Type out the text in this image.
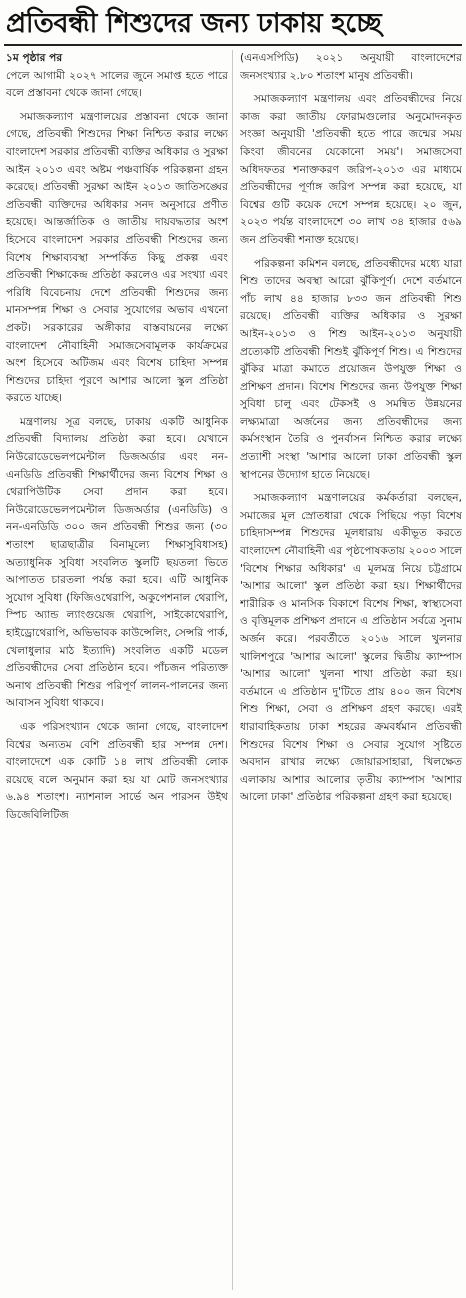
প্রতিবন্ধী শিশুদের জন্য ঢাকায় হচ্ছে

১ম পৃষ্ঠার পর

পেলে আগামী ২০২৭ সালের জুনে সমাপ্ত হতে পারে বলে প্রস্তাবনা থেকে জানা গেছে।

সমাজকল্যাণ মন্ত্রণালয়ের প্রস্তাবনা থেকে জানা গেছে, প্রতিবন্ধী শিশুদের শিক্ষা নিশ্চিত করার লক্ষ্যে বাংলাদেশ সরকার প্রতিবন্ধী ব্যক্তির অধিকার ও সুরক্ষা আইন ২০১৩ এবং অষ্টম পঞ্চবার্ষিক পরিকল্পনা গ্রহন করেছে। প্রতিবন্ধী সুরক্ষা আইন ২০১৩ জাতিসঙ্ঘের প্রতিবন্ধী ব্যক্তিদের অধিকার সনদ অনুসারে প্রণীত হয়েছে। আন্তর্জাতিক ও জাতীয় দায়বদ্ধতার অংশ হিসেবে বাংলাদেশ সরকার প্রতিবন্ধী শিশুদের জন্য বিশেষ শিক্ষাব্যবস্থা সম্পর্কিত কিছু প্রকল্প এবং প্রতিবন্ধী শিক্ষাকেন্দ্র প্রতিষ্ঠা করলেও এর সংখ্যা এবং পরিধি বিবেচনায় দেশে প্রতিবন্ধী শিশুদের জন্য মানসম্পন্ন শিক্ষা ও সেবার সুযোগের অভাব এখনো প্রকট। সরকারের অঙ্গীকার বাস্তবায়নের লক্ষ্যে বাংলাদেশ নৌবাহিনী সমাজসেবামূলক কার্যক্রমের অংশ হিসেবে অটিজম এবং বিশেষ চাহিদা সম্পন্ন শিশুদের চাহিদা পূরণে আশার আলো স্কুল প্রতিষ্ঠা করতে যাচ্ছে।

মন্ত্রণালয় সূত্র বলছে, ঢাকায় একটি আধুনিক প্রতিবন্ধী বিদ্যালয় প্রতিষ্ঠা করা হবে। যেখানে নিউরোডেভেলপমেন্টাল ডিজঅর্ডার এবং নন-এনডিডি প্রতিবন্ধী শিক্ষার্থীদের জন্য বিশেষ শিক্ষা ও থেরাপিউটিক সেবা প্রদান করা হবে। নিউরোডেভেলপমেন্টাল ডিজঅর্ডার (এনডিডি) ও নন-এনডিডি ৩০০ জন প্রতিবন্ধী শিশুর জন্য (৩০ শতাংশ ছাত্রছাত্রীর বিনামূল্যে শিক্ষাসুবিধাসহ) অত্যাধুনিক সুবিধা সংবলিত স্কুলটি ছয়তলা ভিতে আপাতত চারতলা পর্যন্ত করা হবে। এটি আধুনিক সুযোগ সুবিধা (ফিজিওথেরাপি, অকুপেশনাল থেরাপি, স্পিচ অ্যান্ড ল্যাংগুয়েজ থেরাপি, সাইকোথেরাপি, হাইড্রোথেরাপি, অভিভাবক কাউন্সেলিং, সেন্সরি পার্ক, খেলাধুলার মাঠ ইত্যাদি) সংবলিত একটি মডেল প্রতিবন্ধীদের সেবা প্রতিষ্ঠান হবে। পাঁচজন পরিত্যক্ত অনাথ প্রতিবন্ধী শিশুর পরিপূর্ণ লালন-পালনের জন্য আবাসন সুবিধা থাকবে।

এক পরিসংখ্যান থেকে জানা গেছে, বাংলাদেশ বিশ্বের অন্যতম বেশি প্রতিবন্ধী হার সম্পন্ন দেশ। বাংলাদেশে এক কোটি ১৪ লাখ প্রতিবন্ধী লোক রয়েছে বলে অনুমান করা হয় যা মোট জনসংখ্যার ৬.৯৪ শতাংশ। ন্যাশনাল সার্ভে অন পারসন উইথ ডিজেবিলিটিজ

(এনএসপিডি) ২০২১ অনুযায়ী বাংলাদেশের জনসংখ্যার ২.৮০ শতাংশ মানুষ প্রতিবন্ধী।

সমাজকল্যাণ মন্ত্রণালয় এবং প্রতিবন্ধীদের নিয়ে কাজ করা জাতীয় ফোরামগুলোর অনুমোদনকৃত সংজ্ঞা অনুযায়ী 'প্রতিবন্ধী হতে পারে জন্মের সময় কিংবা জীবনের যেকোনো সময়'। সমাজসেবা অধিদফতর শনাক্তকরণ জরিপ-২০১৩ এর মাধ্যমে প্রতিবন্ধীদের পূর্ণাঙ্গ জরিপ সম্পন্ন করা হয়েছে, যা বিশ্বের গুটি কয়েক দেশে সম্পন্ন হয়েছে। ২০ জুন, ২০২৩ পর্যন্ত বাংলাদেশে ৩০ লাখ ৩৪ হাজার ৫৬৯ জন প্রতিবন্ধী শনাক্ত হয়েছে।

পরিকল্পনা কমিশন বলছে, প্রতিবন্ধীদের মধ্যে যারা শিশু তাদের অবস্থা আরো ঝুঁকিপূর্ণ। দেশে বর্তমানে পাঁচ লাখ ৪৪ হাজার ৮৩৩ জন প্রতিবন্ধী শিশু রয়েছে। প্রতিবন্ধী ব্যক্তির অধিকার ও সুরক্ষা আইন-২০১৩ ও শিশু আইন-২০১৩ অনুযায়ী প্রত্যেকটি প্রতিবন্ধী শিশুই ঝুঁকিপূর্ণ শিশু। এ শিশুদের ঝুঁকির মাত্রা কমাতে প্রয়োজন উপযুক্ত শিক্ষা ও প্রশিক্ষণ প্রদান। বিশেষ শিশুদের জন্য উপযুক্ত শিক্ষা সুবিধা চালু এবং টেকসই ও সমন্বিত উন্নয়নের লক্ষ্যমাত্রা অর্জনের জন্য প্রতিবন্ধীদের জন্য কর্মসংস্থান তৈরি ও পুনর্বাসন নিশ্চিত করার লক্ষ্যে প্রত্যাশী সংস্থা 'আশার আলো ঢাকা প্রতিবন্ধী স্কুল স্থাপনের উদ্যোগ হাতে নিয়েছে।

সমাজকল্যাণ মন্ত্রণালয়ের কর্মকর্তারা বলছেন, সমাজের মূল স্রোতধারা থেকে পিছিয়ে পড়া বিশেষ চাহিদাসম্পন্ন শিশুদের মূলধারায় একীভূত করতে বাংলাদেশ নৌবাহিনী এর পৃষ্ঠপোষকতায় ২০০৩ সালে 'বিশেষ শিক্ষার অধিকার' এ মূলমন্ত্র নিয়ে চট্টগ্রামে 'আশার আলো' স্কুল প্রতিষ্ঠা করা হয়। শিক্ষার্থীদের শারীরিক ও মানসিক বিকাশে বিশেষ শিক্ষা, স্বাস্থ্যসেবা ও বৃত্তিমূলক প্রশিক্ষণ প্রদানে এ প্রতিষ্ঠান সর্বত্রে সুনাম অর্জন করে। পরবর্তীতে ২০১৬ সালে খুলনার খালিশপুরে 'আশার আলো' স্কুলের দ্বিতীয় ক্যাম্পাস 'আশার আলো' খুলনা শাখা প্রতিষ্ঠা করা হয়। বর্তমানে এ প্রতিষ্ঠান দু'টিতে প্রায় ৪০০ জন বিশেষ শিশু শিক্ষা, সেবা ও প্রশিক্ষণ গ্রহণ করছে। এরই ধারাবাহিকতায় ঢাকা শহরের ক্রমবর্ধমান প্রতিবন্ধী শিশুদের বিশেষ শিক্ষা ও সেবার সুযোগ সৃষ্টিতে অবদান রাখার লক্ষ্যে জোয়ারসাহারা, খিলক্ষেত এলাকায় আশার আলোর তৃতীয় ক্যাম্পাস 'আশার আলো ঢাকা' প্রতিষ্ঠার পরিকল্পনা গ্রহণ করা হয়েছে।
